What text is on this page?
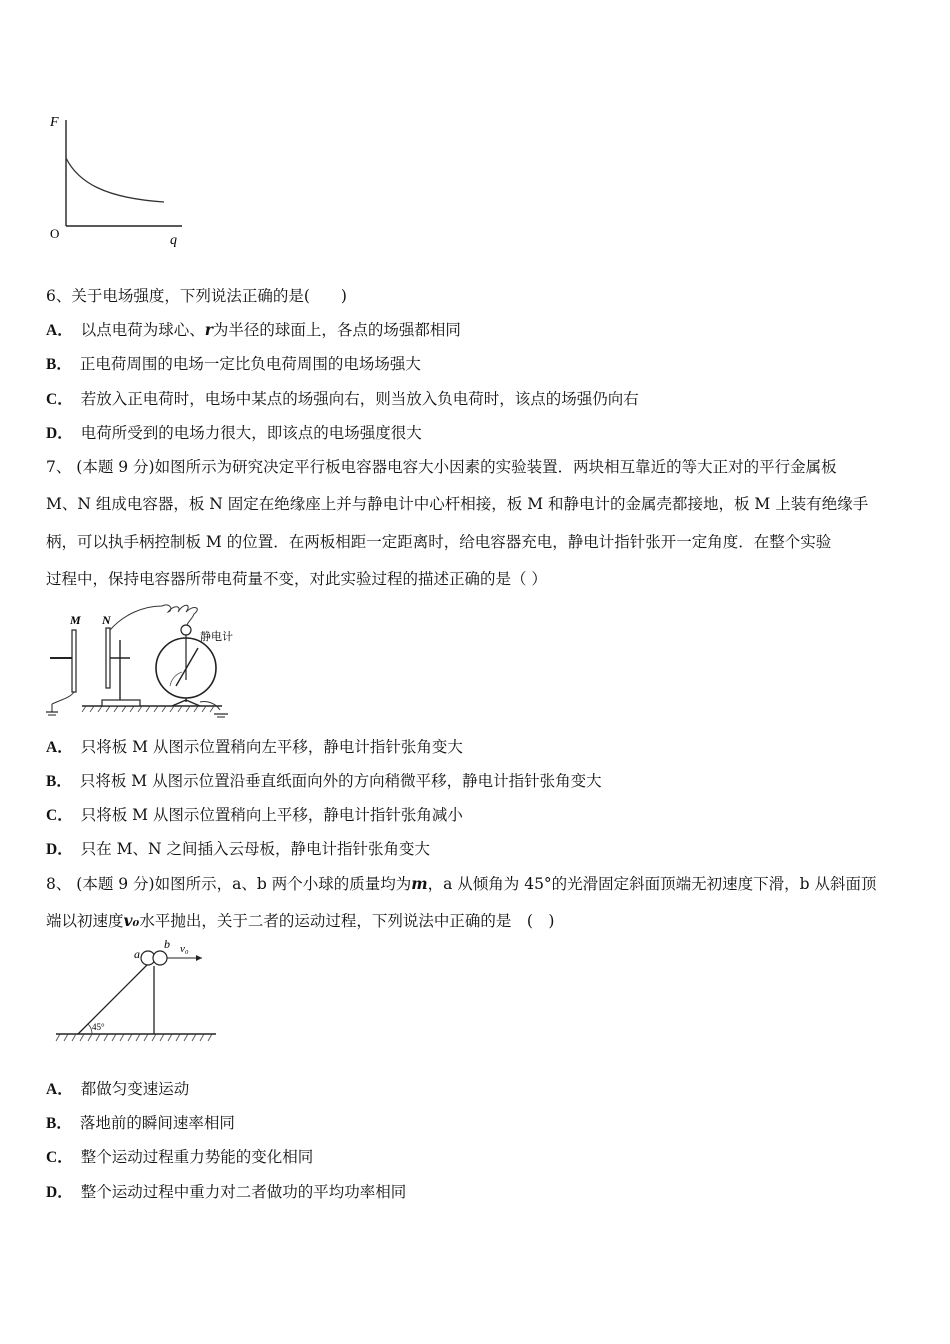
F
q
O
6、关于电场强度，下列说法正确的是(　　)
A． 以点电荷为球心、r为半径的球面上，各点的场强都相同
B． 正电荷周围的电场一定比负电荷周围的电场场强大
C． 若放入正电荷时，电场中某点的场强向右，则当放入负电荷时，该点的场强仍向右
D． 电荷所受到的电场力很大，即该点的电场强度很大
7、 (本题 9 分)如图所示为研究决定平行板电容器电容大小因素的实验装置．两块相互靠近的等大正对的平行金属板
M、N 组成电容器，板 N 固定在绝缘座上并与静电计中心杆相接，板 M 和静电计的金属壳都接地，板 M 上装有绝缘手
柄，可以执手柄控制板 M 的位置．在两板相距一定距离时，给电容器充电，静电计指针张开一定角度．在整个实验
过程中，保持电容器所带电荷量不变，对此实验过程的描述正确的是（ ）
M N
静电计
A． 只将板 M 从图示位置稍向左平移，静电计指针张角变大
B． 只将板 M 从图示位置沿垂直纸面向外的方向稍微平移，静电计指针张角变大
C． 只将板 M 从图示位置稍向上平移，静电计指针张角减小
D． 只在 M、N 之间插入云母板，静电计指针张角变大
8、 (本题 9 分)如图所示，a、b 两个小球的质量均为m，a 从倾角为 45°的光滑固定斜面顶端无初速度下滑，b 从斜面顶
端以初速度v₀水平抛出，关于二者的运动过程，下列说法中正确的是　(　)
a
b v₀
45°
A． 都做匀变速运动
B． 落地前的瞬间速率相同
C． 整个运动过程重力势能的变化相同
D． 整个运动过程中重力对二者做功的平均功率相同
